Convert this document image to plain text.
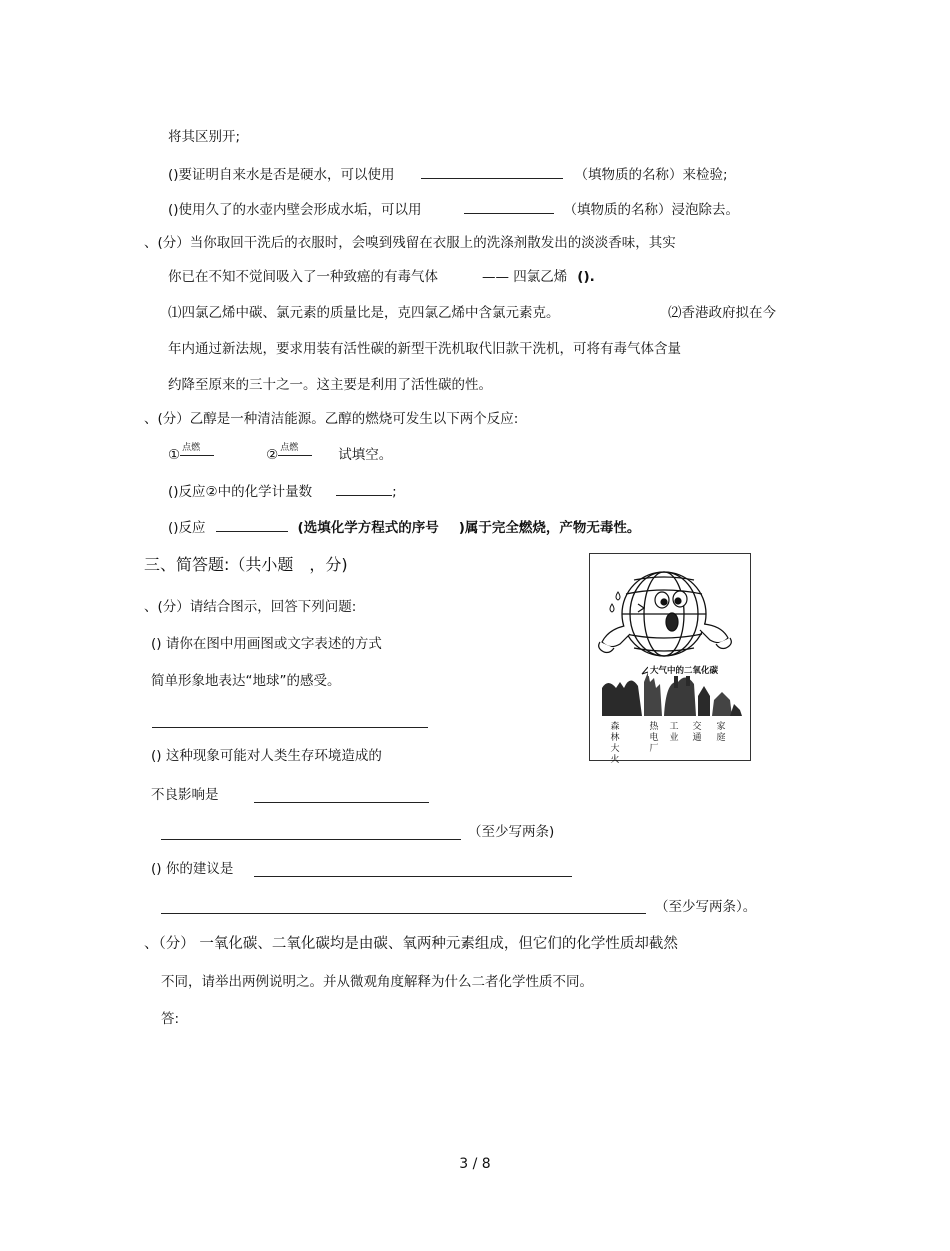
将其区别开;
()要证明自来水是否是硬水，可以使用	（填物质的名称）来检验;
()使用久了的水壶内壁会形成水垢，可以用	（填物质的名称）浸泡除去。
、(分）当你取回干洗后的衣服时，会嗅到残留在衣服上的洗涤剂散发出的淡淡香味，其实
你已在不知不觉间吸入了一种致癌的有毒气体	—— 四氯乙烯 ().
⑴四氯乙烯中碳、氯元素的质量比是，克四氯乙烯中含氯元素克。	⑵香港政府拟在今
年内通过新法规，要求用装有活性碳的新型干洗机取代旧款干洗机，可将有毒气体含量
约降至原来的三十之一。这主要是利用了活性碳的性。
、(分）乙醇是一种清洁能源。乙醇的燃烧可发生以下两个反应:
① 点燃	② 点燃	试填空。
()反应②中的化学计量数	;
()反应	(选填化学方程式的序号 )属于完全燃烧，产物无毒性。
三、简答题:（共小题　，分)
、(分）请结合图示，回答下列问题:
() 请你在图中用画图或文字表述的方式
简单形象地表达“地球”的感受。
() 这种现象可能对人类生存环境造成的
不良影响是
（至少写两条)
() 你的建议是
（至少写两条）。
、（分） 一氧化碳、二氧化碳均是由碳、氧两种元素组成，但它们的化学性质却截然
不同，请举出两例说明之。并从微观角度解释为什么二者化学性质不同。
答:
大气中的二氧化碳
森林大火
热电厂
工业
交通
家庭
3 / 8
